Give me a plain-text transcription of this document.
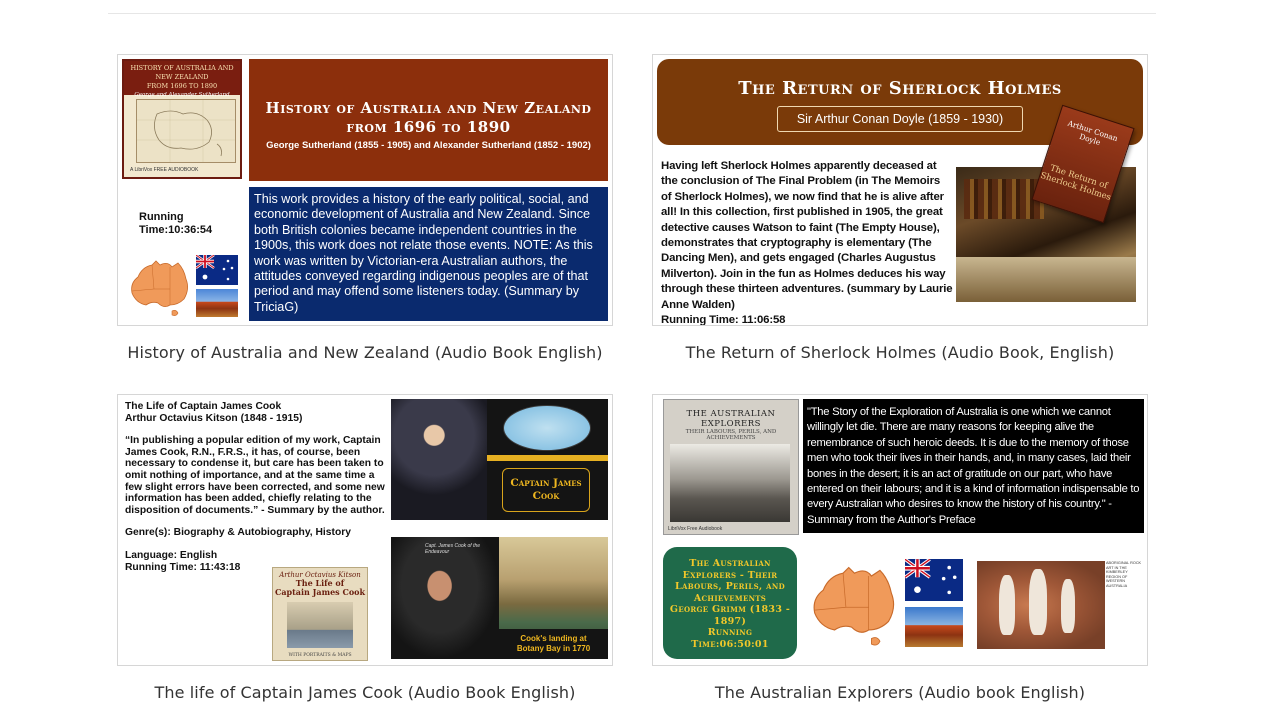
HISTORY OF AUSTRALIA AND NEW ZEALAND
FROM 1696 TO 1890
George and Alexander Sutherland
A LibriVox FREE AUDIOBOOK
History of Australia and New Zealand
from 1696 to 1890
George Sutherland (1855 - 1905) and Alexander Sutherland (1852 - 1902)
Running
Time:10:36:54
This work provides a history of the early political, social, and economic development of Australia and New Zealand. Since both British colonies became independent countries in the 1900s, this work does not relate those events. NOTE: As this work was written by Victorian-era Australian authors, the attitudes conveyed regarding indigenous peoples are of that period and may offend some listeners today. (Summary by TriciaG)
History of Australia and New Zealand (Audio Book English)
The Return of Sherlock Holmes
Sir Arthur Conan Doyle (1859 - 1930)
Having left Sherlock Holmes apparently deceased at the conclusion of The Final Problem (in The Memoirs of Sherlock Holmes), we now find that he is alive after all! In this collection, first published in 1905, the great detective causes Watson to faint (The Empty House), demonstrates that cryptography is elementary (The Dancing Men), and gets engaged (Charles Augustus Milverton). Join in the fun as Holmes deduces his way through these thirteen adventures. (summary by Laurie Anne Walden)
Running Time: 11:06:58
Arthur Conan Doyle
The Return of Sherlock Holmes
The Return of Sherlock Holmes (Audio Book, English)
The Life of Captain James Cook
Arthur Octavius Kitson (1848 - 1915)
“In publishing a popular edition of my work, Captain James Cook, R.N., F.R.S., it has, of course, been necessary to condense it, but care has been taken to omit nothing of importance, and at the same time a few slight errors have been corrected, and some new information has been added, chiefly relating to the disposition of documents.” - Summary by the author.
Genre(s): Biography & Autobiography, History
Language: English
Running Time: 11:43:18
Captain James Cook
Arthur Octavius Kitson
The Life of
Captain James Cook
WITH PORTRAITS & MAPS
Capt. James Cook of the Endeavour
Cook's landing at
Botany Bay in 1770
The life of Captain James Cook (Audio Book English)
THE AUSTRALIAN EXPLORERS
THEIR LABOURS, PERILS, AND ACHIEVEMENTS
LibriVox Free Audiobook
"The Story of the Exploration of Australia is one which we cannot willingly let die. There are many reasons for keeping alive the remembrance of such heroic deeds. It is due to the memory of those men who took their lives in their hands, and, in many cases, laid their bones in the desert; it is an act of gratitude on our part, who have entered on their labours; and it is a kind of information indispensable to every Australian who desires to know the history of his country." - Summary from the Author's Preface
The Australian Explorers - Their Labours, Perils, and Achievements
George Grimm (1833 - 1897)
Running
Time:06:50:01
ABORIGINAL ROCK ART IN THE KIMBERLEY REGION OF WESTERN AUSTRALIA
The Australian Explorers (Audio book English)
